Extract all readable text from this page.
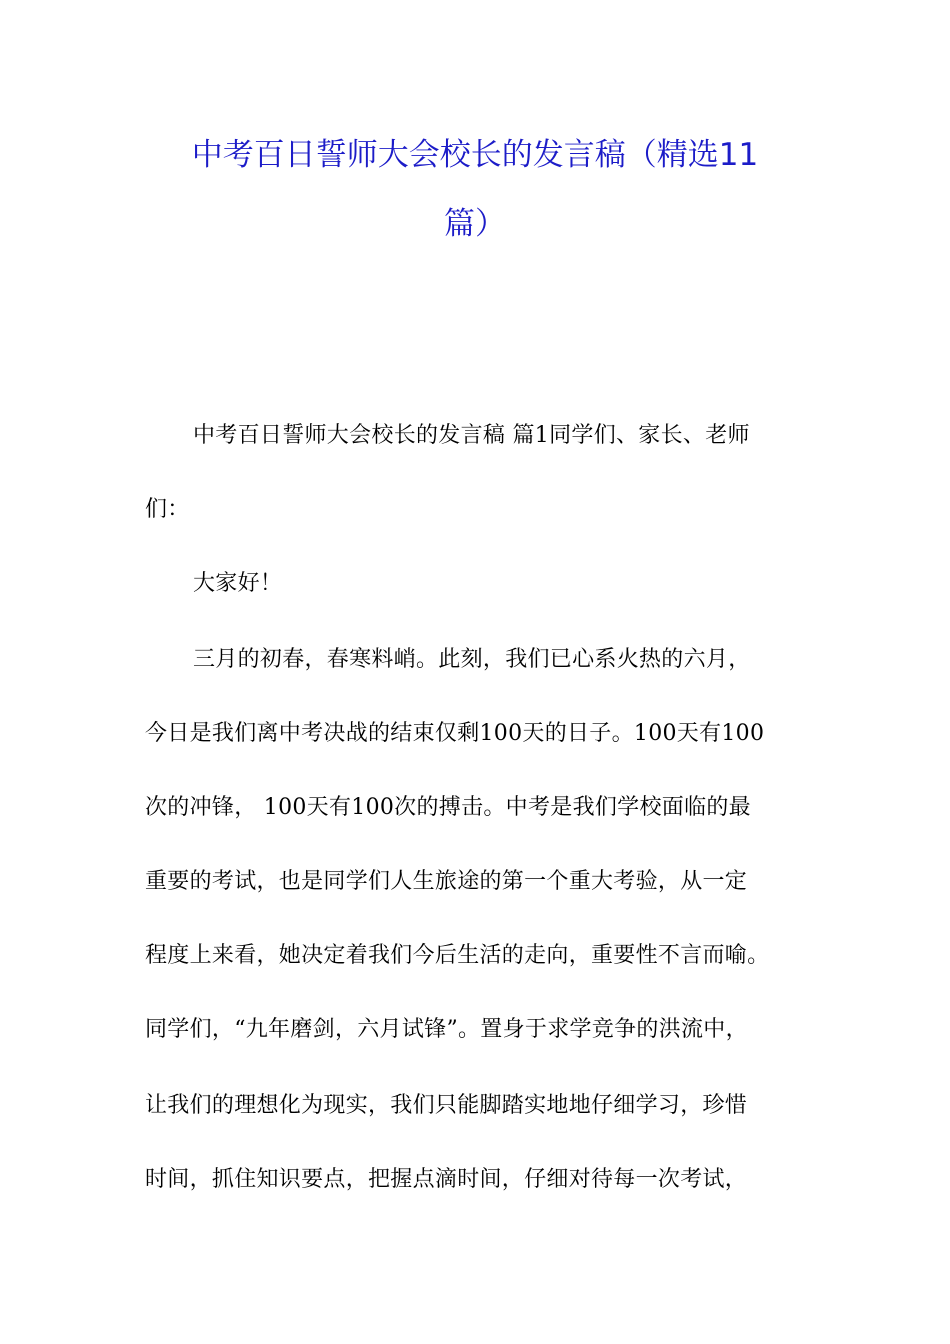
中考百日誓师大会校长的发言稿（精选11
篇）
中考百日誓师大会校长的发言稿 篇1同学们、家长、老师
们：
大家好！
三月的初春，春寒料峭。此刻，我们已心系火热的六月，
今日是我们离中考决战的结束仅剩100天的日子。100天有100
次的冲锋， 100天有100次的搏击。中考是我们学校面临的最
重要的考试，也是同学们人生旅途的第一个重大考验，从一定
程度上来看，她决定着我们今后生活的走向，重要性不言而喻。
同学们，“九年磨剑，六月试锋”。置身于求学竞争的洪流中，
让我们的理想化为现实，我们只能脚踏实地地仔细学习，珍惜
时间，抓住知识要点，把握点滴时间，仔细对待每一次考试，
